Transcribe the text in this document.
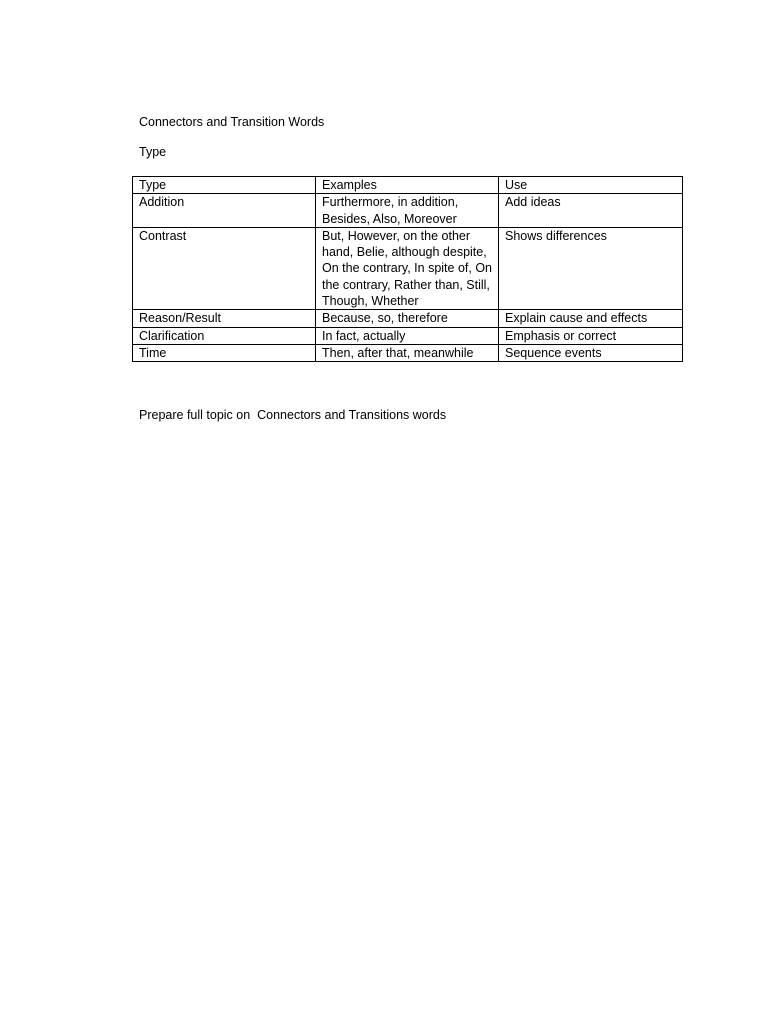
Connectors and Transition Words
Type
Type	Examples	Use
Addition	Furthermore, in addition, Besides, Also, Moreover	Add ideas
Contrast	But, However, on the other hand, Belie, although despite, On the contrary, In spite of, On the contrary, Rather than, Still, Though, Whether	Shows differences
Reason/Result	Because, so, therefore	Explain cause and effects
Clarification	In fact, actually	Emphasis or correct
Time	Then, after that, meanwhile	Sequence events
Prepare full topic on  Connectors and Transitions words
